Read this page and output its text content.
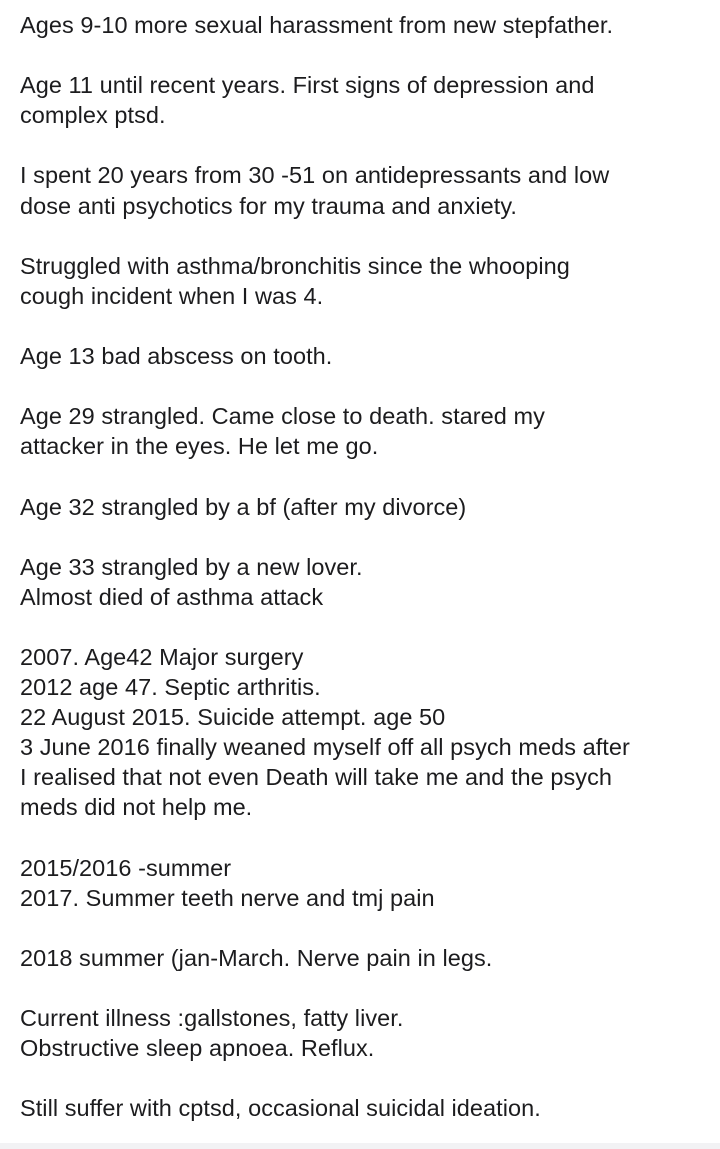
Ages 9-10 more sexual harassment from new stepfather.
Age 11 until recent years. First signs of depression and
complex ptsd.
I spent 20 years from 30 -51 on antidepressants and low
dose anti psychotics for my trauma and anxiety.
Struggled with asthma/bronchitis since the whooping
cough incident when I was 4.
Age 13 bad abscess on tooth.
Age 29 strangled. Came close to death. stared my
attacker in the eyes. He let me go.
Age 32 strangled by a bf (after my divorce)
Age 33 strangled by a new lover.
Almost died of asthma attack
2007. Age42 Major surgery
2012 age 47. Septic arthritis.
22 August 2015. Suicide attempt. age 50
3 June 2016 finally weaned myself off all psych meds after
I realised that not even Death will take me and the psych
meds did not help me.
2015/2016 -summer
2017. Summer teeth nerve and tmj pain
2018 summer (jan-March. Nerve pain in legs.
Current illness :gallstones, fatty liver.
Obstructive sleep apnoea. Reflux.
Still suffer with cptsd, occasional suicidal ideation.
